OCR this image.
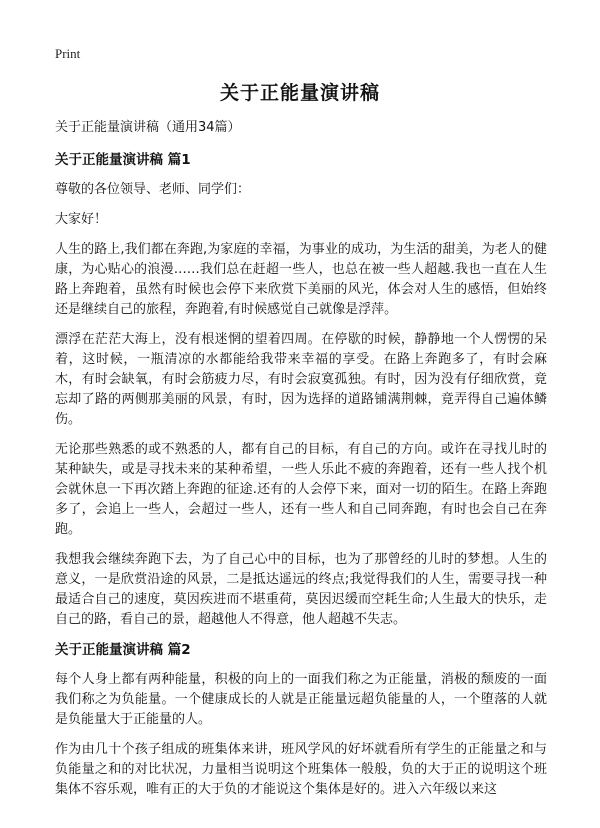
Print
关于正能量演讲稿

关于正能量演讲稿（通用34篇）

关于正能量演讲稿 篇1

尊敬的各位领导、老师、同学们：

大家好！

人生的路上,我们都在奔跑,为家庭的幸福，为事业的成功，为生活的甜美，为老人的健康，为心贴心的浪漫……我们总在赶超一些人，也总在被一些人超越.我也一直在人生路上奔跑着，虽然有时候也会停下来欣赏下美丽的风光，体会对人生的感悟，但始终还是继续自己的旅程，奔跑着,有时候感觉自己就像是浮萍。

漂浮在茫茫大海上，没有根迷惘的望着四周。在停歇的时候，静静地一个人愣愣的呆着，这时候，一瓶清凉的水都能给我带来幸福的享受。在路上奔跑多了，有时会麻木，有时会缺氧，有时会筋疲力尽，有时会寂寞孤独。有时，因为没有仔细欣赏，竟忘却了路的两侧那美丽的风景，有时，因为选择的道路铺满荆棘，竟弄得自己遍体鳞伤。

无论那些熟悉的或不熟悉的人，都有自己的目标，有自己的方向。或许在寻找儿时的某种缺失，或是寻找未来的某种希望，一些人乐此不疲的奔跑着，还有一些人找个机会就休息一下再次踏上奔跑的征途.还有的人会停下来，面对一切的陌生。在路上奔跑多了，会追上一些人，会超过一些人，还有一些人和自己同奔跑，有时也会自己在奔跑。

我想我会继续奔跑下去，为了自己心中的目标，也为了那曾经的儿时的梦想。人生的意义，一是欣赏沿途的风景，二是抵达遥远的终点;我觉得我们的人生，需要寻找一种最适合自己的速度，莫因疾进而不堪重荷，莫因迟缓而空耗生命;人生最大的快乐，走自己的路，看自己的景，超越他人不得意，他人超越不失志。

关于正能量演讲稿 篇2

每个人身上都有两种能量，积极的向上的一面我们称之为正能量，消极的颓废的一面我们称之为负能量。一个健康成长的人就是正能量远超负能量的人，一个堕落的人就是负能量大于正能量的人。

作为由几十个孩子组成的班集体来讲，班风学风的好坏就看所有学生的正能量之和与负能量之和的对比状况，力量相当说明这个班集体一般般，负的大于正的说明这个班集体不容乐观，唯有正的大于负的才能说这个集体是好的。进入六年级以来这
